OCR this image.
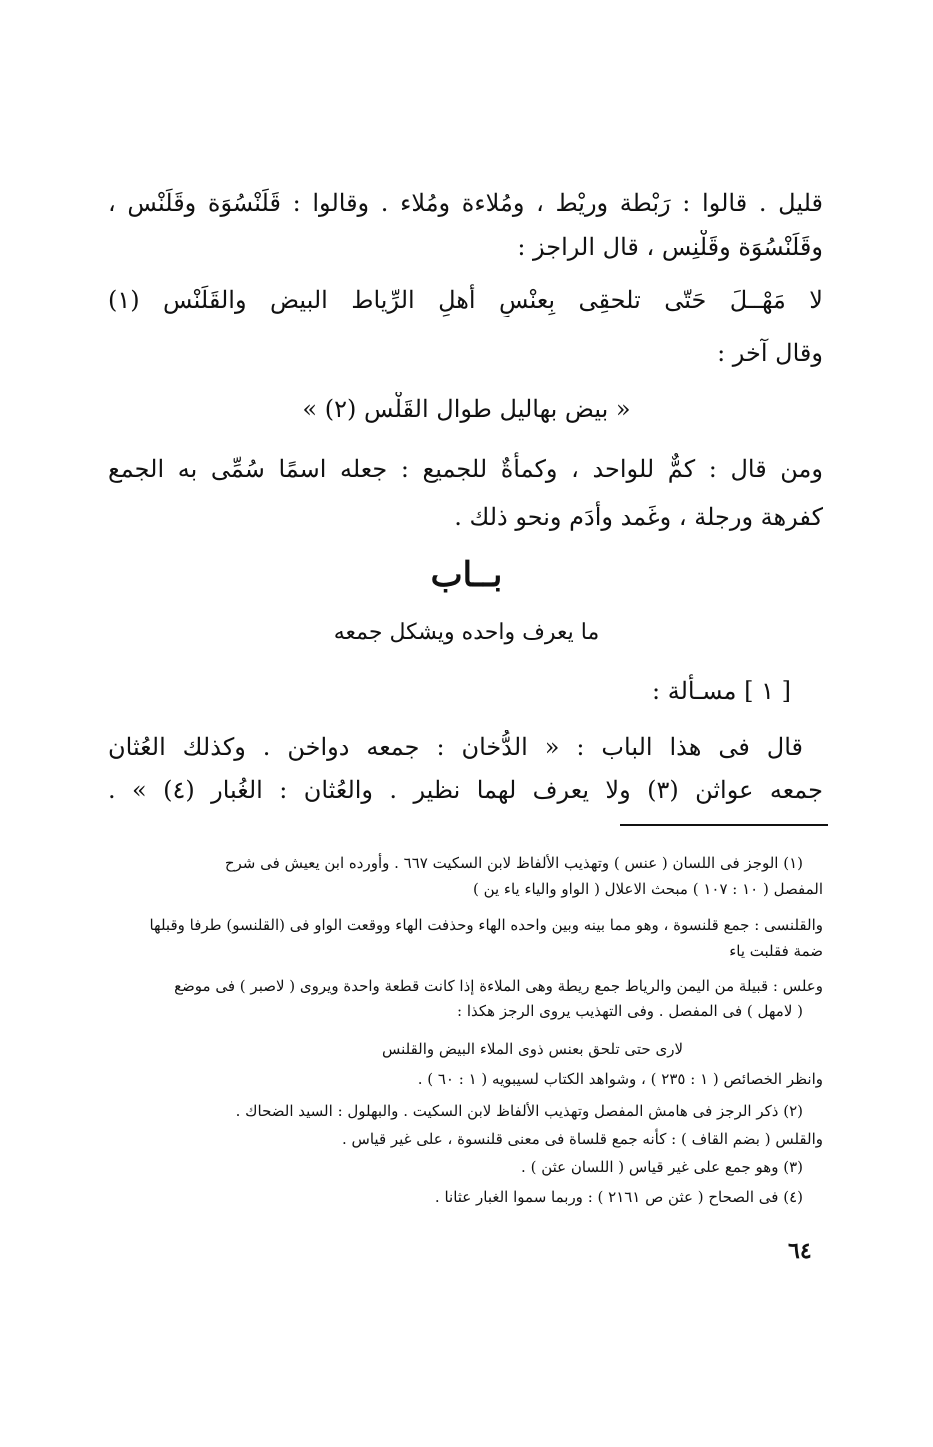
قليل . قالوا : رَبْطة وريْط ، ومُلاءة ومُلاء . وقالوا : قَلَنْسُوَة وقَلَنْس ،
وقَلَنْسُوَة وقَلْنِس ، قال الراجز :
لا مَهْــلَ حَتّى تلحقِى بِعنْسِ أهلِ الرِّياط البيض والقَلَنْس (١)
وقال آخر :
« بيض بهاليل طوال القَلْس (٢) »
ومن قال : كمٌّ للواحد ، وكمأةٌ للجميع : جعله اسمًا سُمِّى به الجمع
كفرهة ورجلة ، وغَمد وأدَم ونحو ذلك .
بــاب
ما يعرف واحده ويشكل جمعه
[ ١ ] مسـألة :
قال فى هذا الباب : « الدُّخان : جمعه دواخن . وكذلك العُثان
جمعه عواثن (٣) ولا يعرف لهما نظير . والعُثان : الغُبار (٤) » .
(١) الوجز فى اللسان ( عنس ) وتهذيب الألفاظ لابن السكيت ٦٦٧ . وأورده ابن يعيش فى شرح
المفصل ( ١٠ : ١٠٧ ) مبحث الاعلال ( الواو والياء ياء ين )
والقلنسى : جمع قلنسوة ، وهو مما بينه وبين واحده الهاء وحذفت الهاء ووقعت الواو فى (القلنسو) طرفا وقبلها
ضمة فقلبت ياء
وعلس : قبيلة من اليمن والرياط جمع ريطة وهى الملاءة إذا كانت قطعة واحدة ويروى ( لاصبر ) فى موضع
( لامهل ) فى المفصل . وفى التهذيب يروى الرجز هكذا :
لارى حتى تلحق بعنس ذوى الملاء البيض والقلنس
وانظر الخصائص ( ١ : ٢٣٥ ) ، وشواهد الكتاب لسيبويه ( ١ : ٦٠ ) .
(٢) ذكر الرجز فى هامش المفصل وتهذيب الألفاظ لابن السكيت . والبهلول : السيد الضحاك .
والقلس ( بضم القاف ) : كأنه جمع قلساة فى معنى قلنسوة ، على غير قياس .
(٣) وهو جمع على غير قياس ( اللسان عثن ) .
(٤) فى الصحاح ( عثن ص ٢١٦١ ) : وربما سموا الغبار عثانا .
٦٤
